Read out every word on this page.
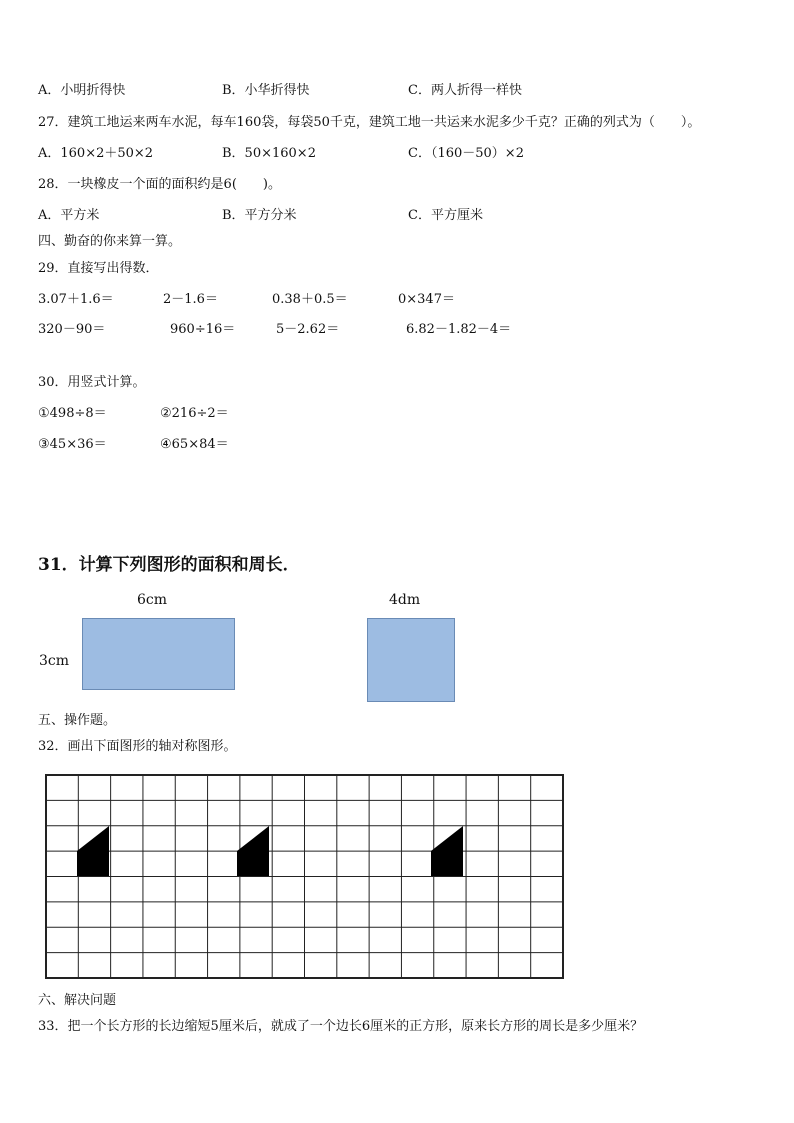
A．小明折得快	B．小华折得快	C．两人折得一样快
27．建筑工地运来两车水泥，每车160袋，每袋50千克，建筑工地一共运来水泥多少千克？正确的列式为（　　）。
A．160×2＋50×2	B．50×160×2	C．（160－50）×2
28．一块橡皮一个面的面积约是6(　　)。
A．平方米	B．平方分米	C．平方厘米
四、勤奋的你来算一算。
29．直接写出得数．
3.07＋1.6＝	2－1.6＝	0.38＋0.5＝	0×347＝
320－90＝	960÷16＝	5－2.62＝	6.82－1.82－4＝
30．用竖式计算。
①498÷8＝	②216÷2＝
③45×36＝	④65×84＝
31．计算下列图形的面积和周长．
6cm
3cm
4dm
五、操作题。
32．画出下面图形的轴对称图形。
六、解决问题
33．把一个长方形的长边缩短5厘米后，就成了一个边长6厘米的正方形，原来长方形的周长是多少厘米？
